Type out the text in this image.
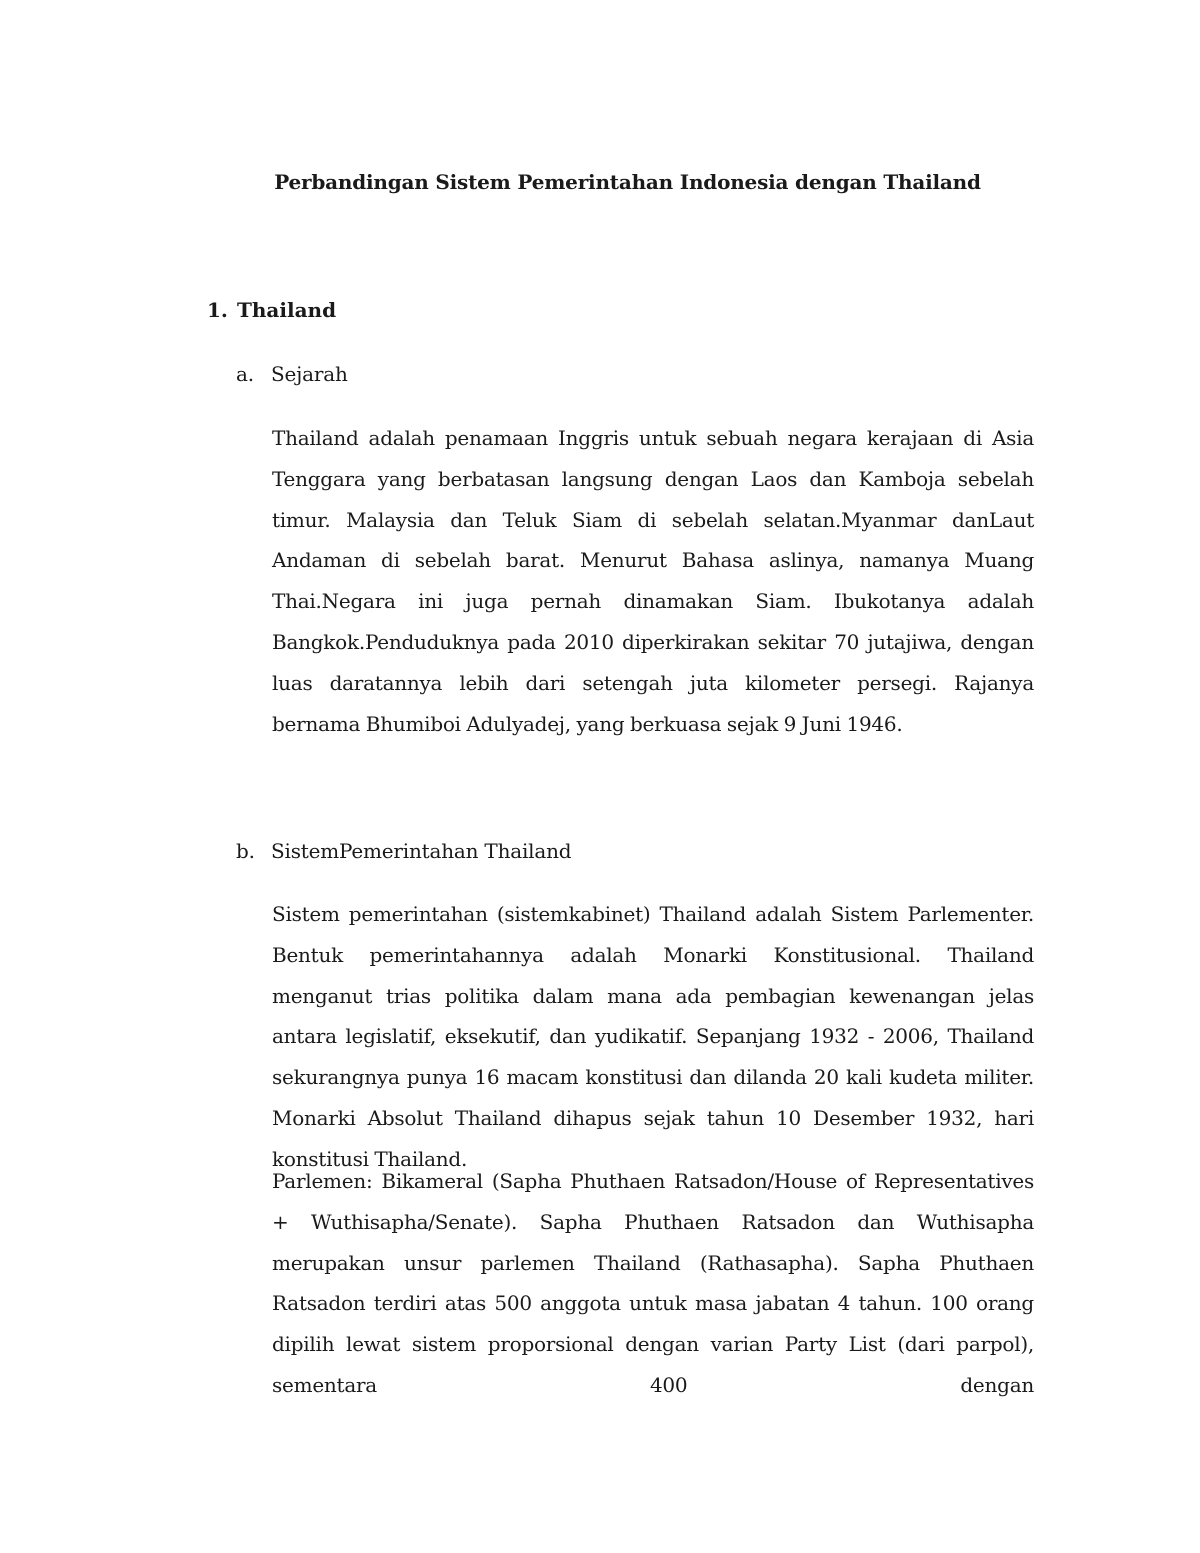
Perbandingan Sistem Pemerintahan Indonesia dengan Thailand
1. Thailand
a. Sejarah

Thailand adalah penamaan Inggris untuk sebuah negara kerajaan di Asia Tenggara yang berbatasan langsung dengan Laos dan Kamboja sebelah timur. Malaysia dan Teluk Siam di sebelah selatan.Myanmar danLaut Andaman di sebelah barat. Menurut Bahasa aslinya, namanya Muang Thai.Negara ini juga pernah dinamakan Siam. Ibukotanya adalah Bangkok.Penduduknya pada 2010 diperkirakan sekitar 70 jutajiwa, dengan luas daratannya lebih dari setengah juta kilometer persegi. Rajanya bernama Bhumiboi Adulyadej, yang berkuasa sejak 9 Juni 1946.

b. SistemPemerintahan Thailand

Sistem pemerintahan (sistemkabinet) Thailand adalah Sistem Parlementer. Bentuk pemerintahannya adalah Monarki Konstitusional. Thailand menganut trias politika dalam mana ada pembagian kewenangan jelas antara legislatif, eksekutif, dan yudikatif. Sepanjang 1932 - 2006, Thailand sekurangnya punya 16 macam konstitusi dan dilanda 20 kali kudeta militer. Monarki Absolut Thailand dihapus sejak tahun 10 Desember 1932, hari konstitusi Thailand.

Parlemen: Bikameral (Sapha Phuthaen Ratsadon/House of Representatives + Wuthisapha/Senate). Sapha Phuthaen Ratsadon dan Wuthisapha merupakan unsur parlemen Thailand (Rathasapha). Sapha Phuthaen Ratsadon terdiri atas 500 anggota untuk masa jabatan 4 tahun. 100 orang dipilih lewat sistem proporsional dengan varian Party List (dari parpol), sementara 400 dengan
